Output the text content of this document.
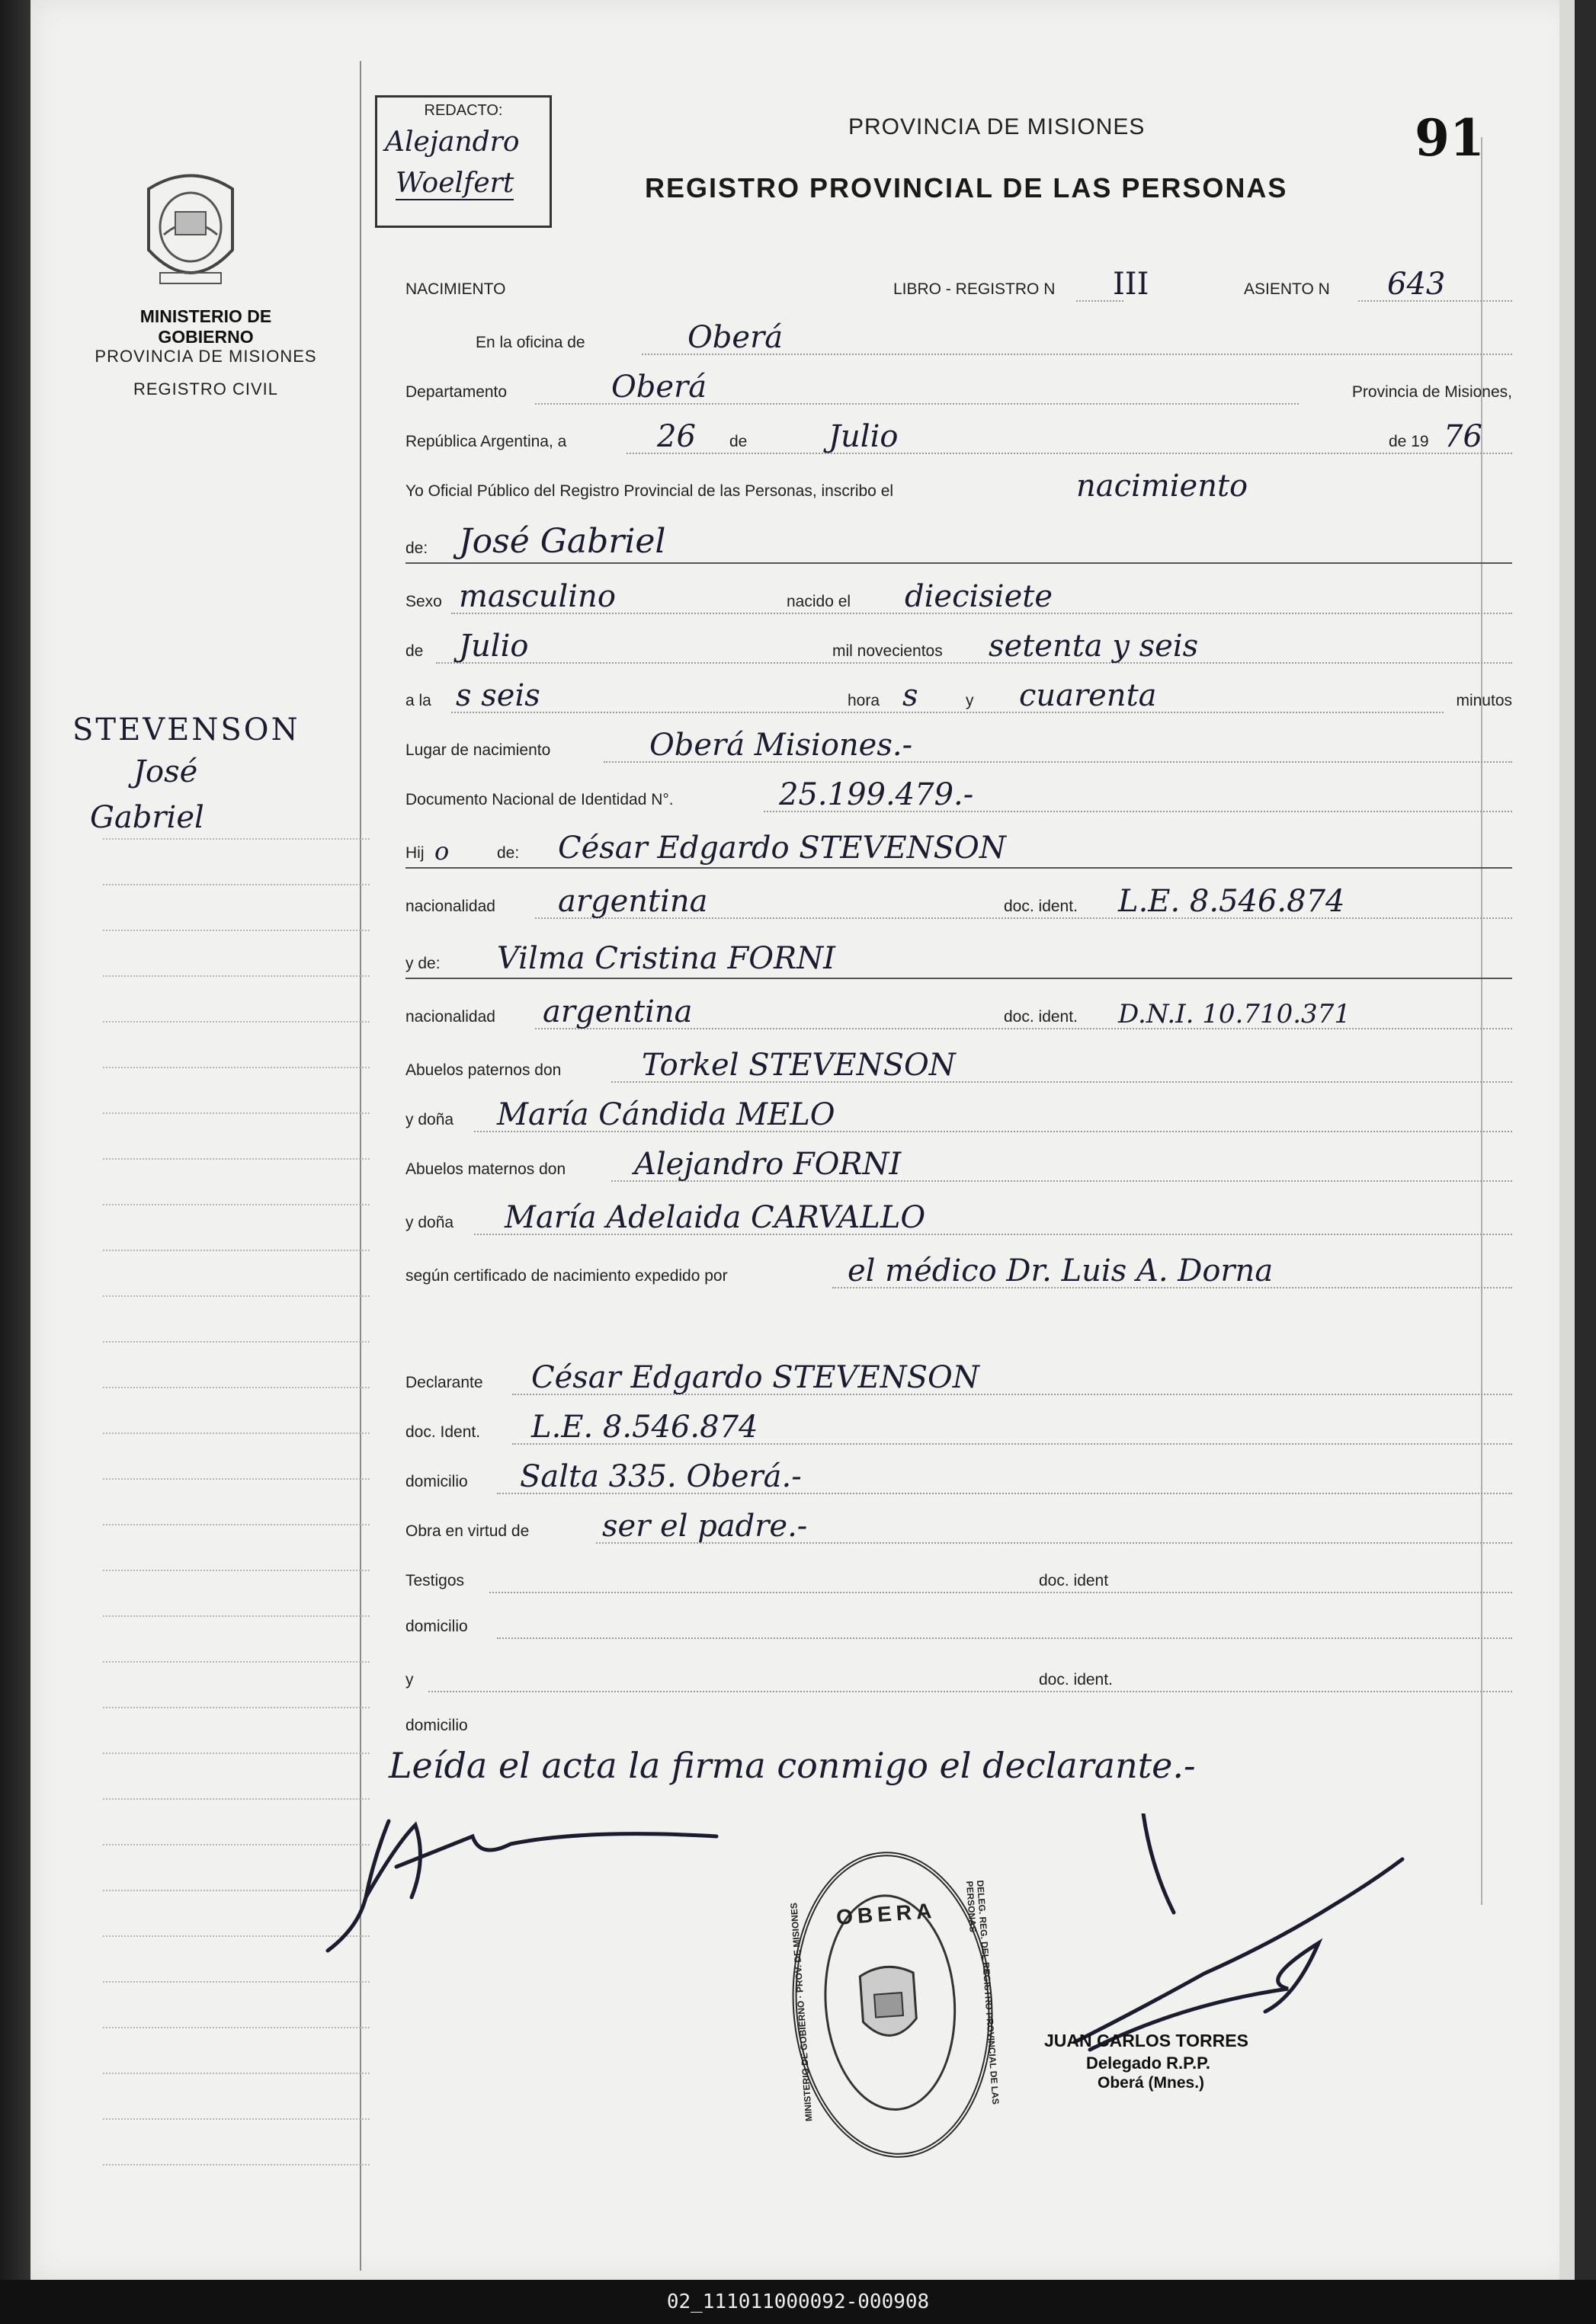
REDACTO:
Alejandro
Woelfert
PROVINCIA DE MISIONES
REGISTRO PROVINCIAL DE LAS PERSONAS
91
MINISTERIO DE GOBIERNO
PROVINCIA DE MISIONES
REGISTRO CIVIL
STEVENSON
José
Gabriel
NACIMIENTO	LIBRO - REGISTRO N III	ASIENTO N 643
En la oficina de	Oberá
Departamento	Oberá	Provincia de Misiones,
República Argentina, a	26 de	Julio	de 19 76
Yo Oficial Público del Registro Provincial de las Personas, inscribo el	nacimiento
de: José Gabriel
Sexo masculino	nacido el diecisiete
de Julio	mil novecientos setenta y seis
a la s seis	hora s	y cuarenta	minutos
Lugar de nacimiento	Oberá Misiones.-
Documento Nacional de Identidad N°.	25.199.479.-
Hij o	de: César Edgardo STEVENSON
nacionalidad argentina	doc. ident. L.E. 8.546.874
y de: Vilma Cristina FORNI
nacionalidad argentina	doc. ident. D.N.I. 10.710.371
Abuelos paternos don	Torkel STEVENSON
y doña María Cándida MELO
Abuelos maternos don Alejandro FORNI
y doña María Adelaida CARVALLO
según certificado de nacimiento expedido por	el médico Dr. Luis A. Dorna
Declarante César Edgardo STEVENSON
doc. Ident. L.E. 8.546.874
domicilio Salta 335. Oberá.-
Obra en virtud de ser el padre.-
Testigos	doc. ident
domicilio
y	doc. ident.
domicilio
Leída el acta la firma conmigo el declarante.-
JUAN CARLOS TORRES
Delegado R.P.P.
Oberá (Mnes.)
OBERA	DELEG. REG. DEL REGISTRO PROVINCIAL DE LAS PERSONAS
MINISTERIO DE GOBIERNO · PROV. DE MISIONES
02_111011000092-000908
